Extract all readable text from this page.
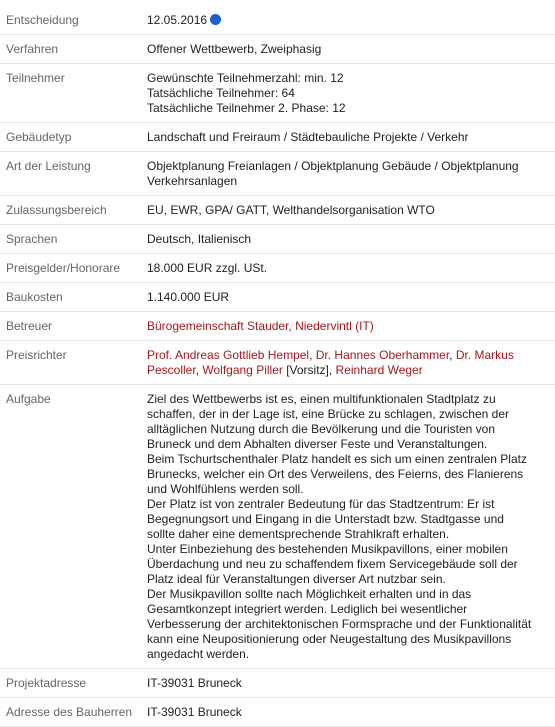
Entscheidung	12.05.2016
Verfahren	Offener Wettbewerb, Zweiphasig
Teilnehmer	Gewünschte Teilnehmerzahl: min. 12
Tatsächliche Teilnehmer: 64
Tatsächliche Teilnehmer 2. Phase: 12
Gebäudetyp	Landschaft und Freiraum / Städtebauliche Projekte / Verkehr
Art der Leistung	Objektplanung Freianlagen / Objektplanung Gebäude / Objektplanung Verkehrsanlagen
Zulassungsbereich	EU, EWR, GPA/ GATT, Welthandelsorganisation WTO
Sprachen	Deutsch, Italienisch
Preisgelder/Honorare	18.000 EUR zzgl. USt.
Baukosten	1.140.000 EUR
Betreuer	Bürogemeinschaft Stauder, Niedervintl (IT)
Preisrichter	Prof. Andreas Gottlieb Hempel, Dr. Hannes Oberhammer, Dr. Markus Pescoller, Wolfgang Piller [Vorsitz], Reinhard Weger
Aufgabe	Ziel des Wettbewerbs ist es, einen multifunktionalen Stadtplatz zu schaffen, der in der Lage ist, eine Brücke zu schlagen, zwischen der alltäglichen Nutzung durch die Bevölkerung und die Touristen von Bruneck und dem Abhalten diverser Feste und Veranstaltungen.
Beim Tschurtschenthaler Platz handelt es sich um einen zentralen Platz Brunecks, welcher ein Ort des Verweilens, des Feierns, des Flanierens und Wohlfühlens werden soll.
Der Platz ist von zentraler Bedeutung für das Stadtzentrum: Er ist Begegnungsort und Eingang in die Unterstadt bzw. Stadtgasse und sollte daher eine dementsprechende Strahlkraft erhalten.
Unter Einbeziehung des bestehenden Musikpavillons, einer mobilen Überdachung und neu zu schaffendem fixem Servicegebäude soll der Platz ideal für Veranstaltungen diverser Art nutzbar sein.
Der Musikpavillon sollte nach Möglichkeit erhalten und in das Gesamtkonzept integriert werden. Lediglich bei wesentlicher Verbesserung der architektonischen Formsprache und der Funktionalität kann eine Neupositionierung oder Neugestaltung des Musikpavillons angedacht werden.
Projektadresse	IT-39031 Bruneck
Adresse des Bauherren	IT-39031 Bruneck
